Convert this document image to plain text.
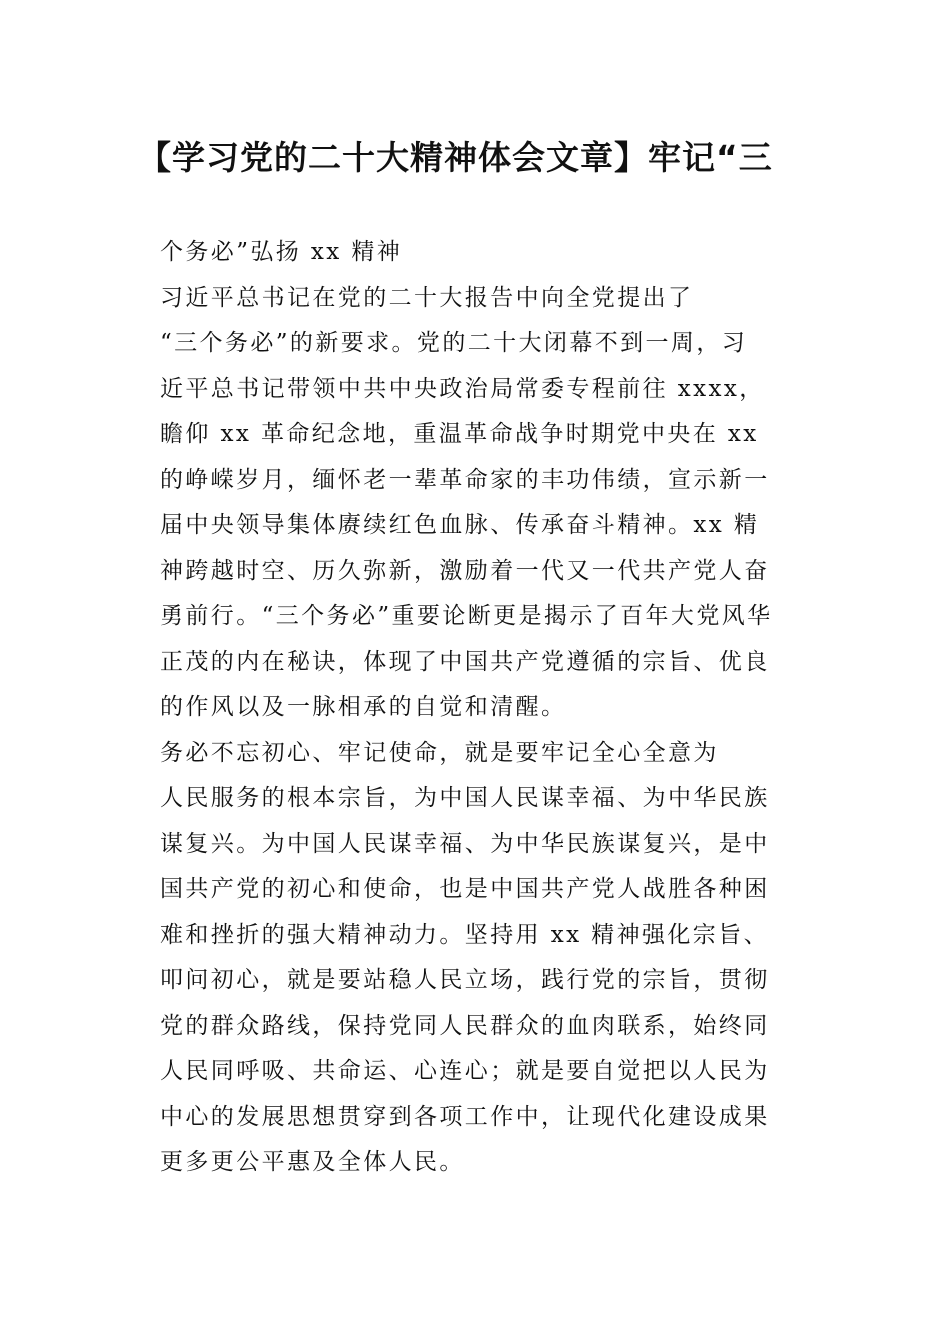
【学习党的二十大精神体会文章】牢记“三
个务必”弘扬 xx 精神
习近平总书记在党的二十大报告中向全党提出了
“三个务必”的新要求。党的二十大闭幕不到一周，习
近平总书记带领中共中央政治局常委专程前往 xxxx，
瞻仰 xx 革命纪念地，重温革命战争时期党中央在 xx
的峥嵘岁月，缅怀老一辈革命家的丰功伟绩，宣示新一
届中央领导集体赓续红色血脉、传承奋斗精神。xx 精
神跨越时空、历久弥新，激励着一代又一代共产党人奋
勇前行。“三个务必”重要论断更是揭示了百年大党风华
正茂的内在秘诀，体现了中国共产党遵循的宗旨、优良
的作风以及一脉相承的自觉和清醒。
务必不忘初心、牢记使命，就是要牢记全心全意为
人民服务的根本宗旨，为中国人民谋幸福、为中华民族
谋复兴。为中国人民谋幸福、为中华民族谋复兴，是中
国共产党的初心和使命，也是中国共产党人战胜各种困
难和挫折的强大精神动力。坚持用 xx 精神强化宗旨、
叩问初心，就是要站稳人民立场，践行党的宗旨，贯彻
党的群众路线，保持党同人民群众的血肉联系，始终同
人民同呼吸、共命运、心连心；就是要自觉把以人民为
中心的发展思想贯穿到各项工作中，让现代化建设成果
更多更公平惠及全体人民。
